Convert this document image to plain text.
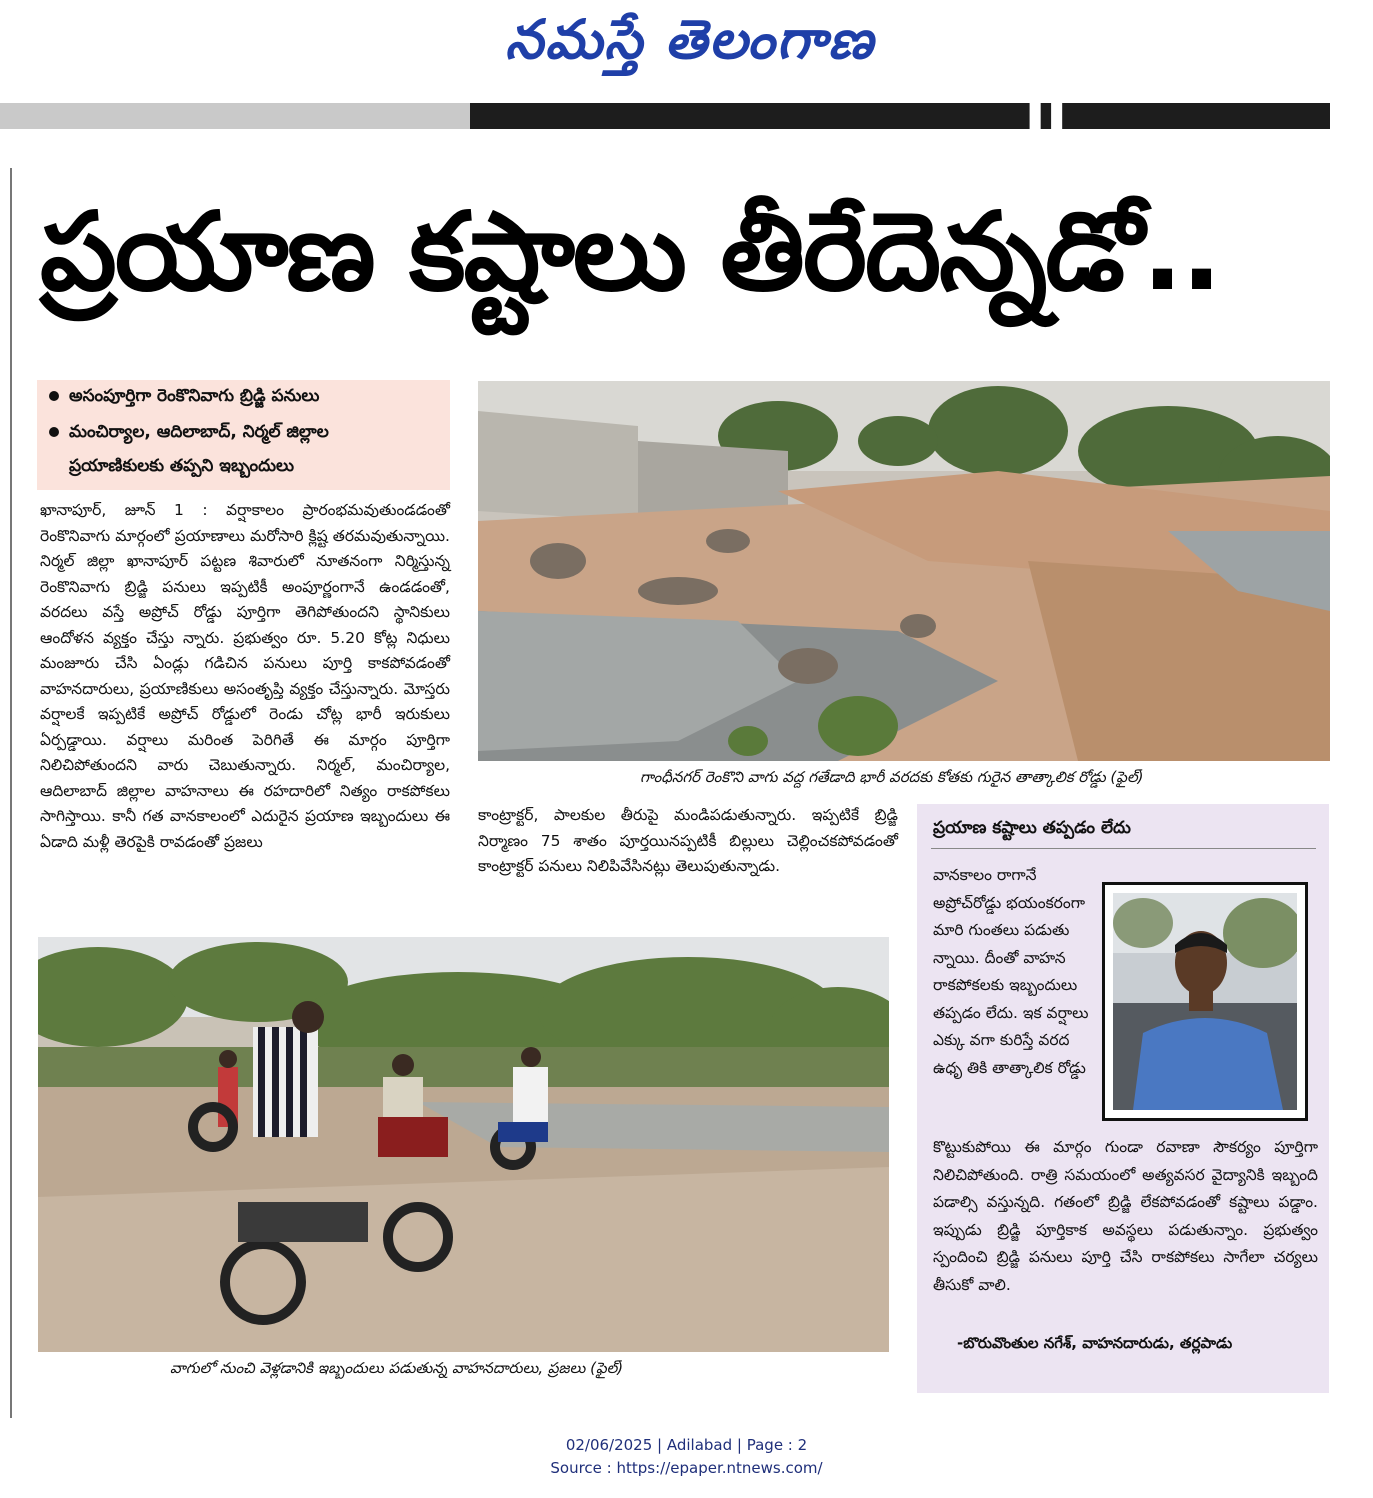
నమస్తే తెలంగాణ
▌▌
ప్రయాణ కష్టాలు తీరేదెన్నడో..
అసంపూర్తిగా రెంకొనివాగు బ్రిడ్జి పనులు
మంచిర్యాల, ఆదిలాబాద్, నిర్మల్ జిల్లాల
ప్రయాణికులకు తప్పని ఇబ్బందులు
ఖానాపూర్, జూన్ 1 : వర్షాకాలం ప్రారంభమవుతుండడంతో రెంకొనివాగు మార్గంలో ప్రయాణాలు మరోసారి క్లిష్ట తరమవుతున్నాయి. నిర్మల్ జిల్లా ఖానాపూర్ పట్టణ శివారులో నూతనంగా నిర్మిస్తున్న రెంకొనివాగు బ్రిడ్జి పనులు ఇప్పటికీ అంపూర్ణంగానే ఉండడంతో, వరదలు వస్తే అప్రోచ్ రోడ్డు పూర్తిగా తెగిపోతుందని స్థానికులు ఆందోళన వ్యక్తం చేస్తు న్నారు. ప్రభుత్వం రూ. 5.20 కోట్ల నిధులు మంజూరు చేసి ఏండ్లు గడిచిన పనులు పూర్తి కాకపోవడంతో వాహనదారులు, ప్రయాణికులు అసంతృప్తి వ్యక్తం చేస్తున్నారు. మోస్తరు వర్షాలకే ఇప్పటికే అప్రోచ్ రోడ్డులో రెండు చోట్ల భారీ ఇరుకులు ఏర్పడ్డాయి. వర్షాలు మరింత పెరిగితే ఈ మార్గం పూర్తిగా నిలిచిపోతుందని వారు చెబుతున్నారు. నిర్మల్, మంచిర్యాల, ఆదిలాబాద్ జిల్లాల వాహనాలు ఈ రహదారిలో నిత్యం రాకపోకలు సాగిస్తాయి. కానీ గత వానకాలంలో ఎదురైన ప్రయాణ ఇబ్బందులు ఈ ఏడాది మళ్లీ తెరపైకి రావడంతో ప్రజలు
కాంట్రాక్టర్, పాలకుల తీరుపై మండిపడుతున్నారు. ఇప్పటికే బ్రిడ్జి నిర్మాణం 75 శాతం పూర్తయినప్పటికీ బిల్లులు చెల్లించకపోవడంతో కాంట్రాక్టర్ పనులు నిలిపివేసినట్లు తెలుపుతున్నాడు.
గాంధీనగర్ రెంకొని వాగు వద్ద గతేడాది భారీ వరదకు కోతకు గురైన తాత్కాలిక రోడ్డు (ఫైల్)
వాగులో నుంచి వెళ్లడానికి ఇబ్బందులు పడుతున్న వాహనదారులు, ప్రజలు (ఫైల్)
ప్రయాణ కష్టాలు తప్పడం లేదు
వానకాలం రాగానే అప్రోచ్‌రోడ్డు భయంకరంగా మారి గుంతలు పడుతు న్నాయి. దీంతో వాహన రాకపోకలకు ఇబ్బందులు తప్పడం లేదు. ఇక వర్షాలు ఎక్కు వగా కురిస్తే వరద ఉధృ తికి తాత్కాలిక రోడ్డు
కొట్టుకుపోయి ఈ మార్గం గుండా రవాణా సౌకర్యం పూర్తిగా నిలిచిపోతుంది. రాత్రి సమయంలో అత్యవసర వైద్యానికి ఇబ్బంది పడాల్సి వస్తున్నది. గతంలో బ్రిడ్జి లేకపోవడంతో కష్టాలు పడ్డాం. ఇప్పుడు బ్రిడ్జి పూర్తికాక అవస్థలు పడుతున్నాం. ప్రభుత్వం స్పందించి బ్రిడ్జి పనులు పూర్తి చేసి రాకపోకలు సాగేలా చర్యలు తీసుకో వాలి.
-బొరువొంతుల నగేశ్, వాహనదారుడు, తర్లపాడు
02/06/2025 | Adilabad | Page : 2
Source : https://epaper.ntnews.com/
